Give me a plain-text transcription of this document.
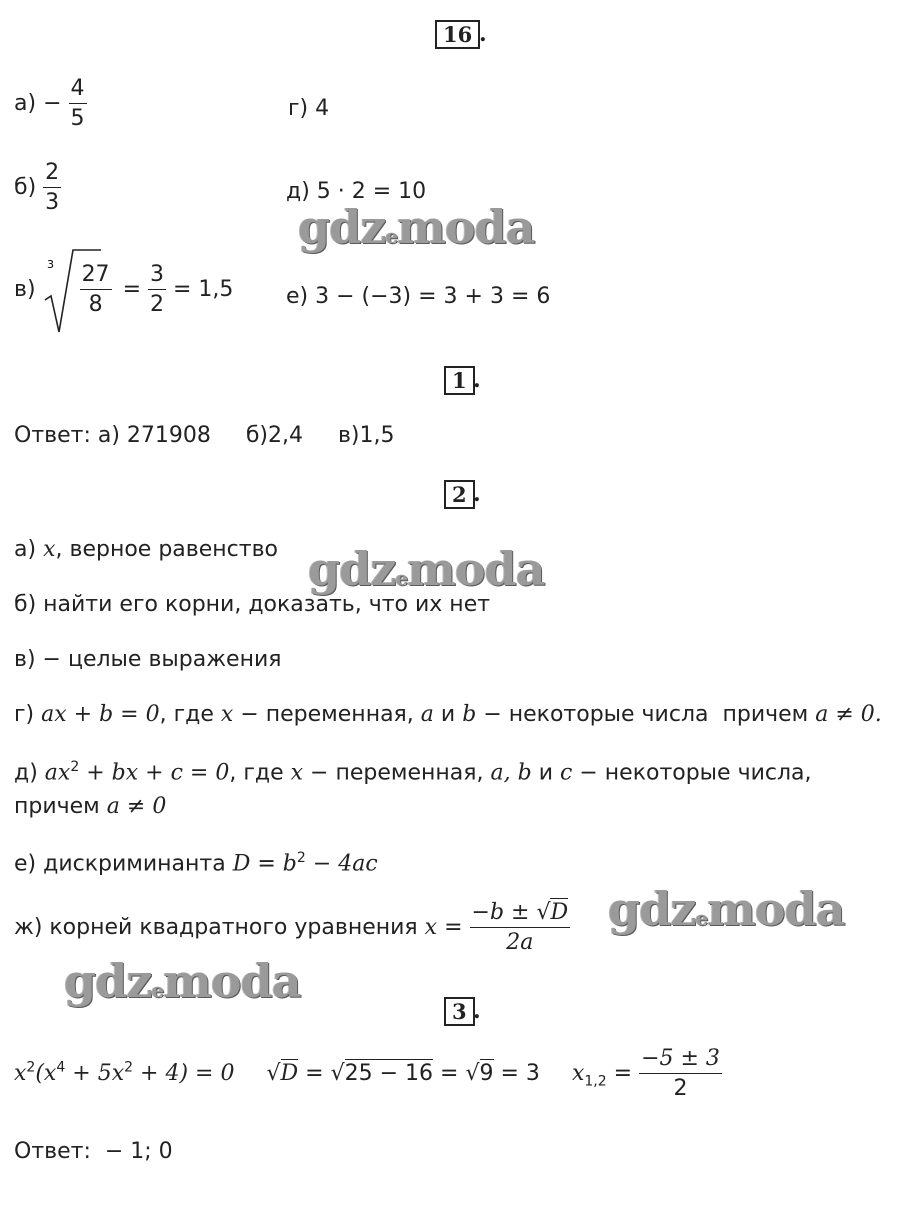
16 .
$а) - \frac{4}{5}$	г) 4
$б) \frac{2}{3}$	д) 5 · 2 = 10
gdzemoda
в)
3
$\frac{27}{8} = \frac{3}{2} = 1,5$ е) 3 − (−3) = 3 + 3 = 6
1 .
Ответ: а) 271908     б)2,4     в)1,5
2 .
а) x, верное равенство gdzemoda
б) найти его корни, доказать, что их нет
в) − целые выражения
г) ax + b = 0, где x − переменная, a и b − некоторые числа  причем a ≠ 0.
д) $ax^2$ + bx + c = 0, где x − переменная, a, b и c − некоторые числа,
причем a ≠ 0
е) дискриминанта $D = b^2 - 4ac$
ж) корней квадратного уравнения $x = \frac{-b \pm √D}{2a}$ gdzemoda
gdzemoda
3 .
$x^2(x^4 + 5x^2 + 4) = 0$ √D = √25 − 16 = √9 = 3 $x_{1,2} = \frac{-5 \pm 3}{2}$
Ответ:  − 1; 0
